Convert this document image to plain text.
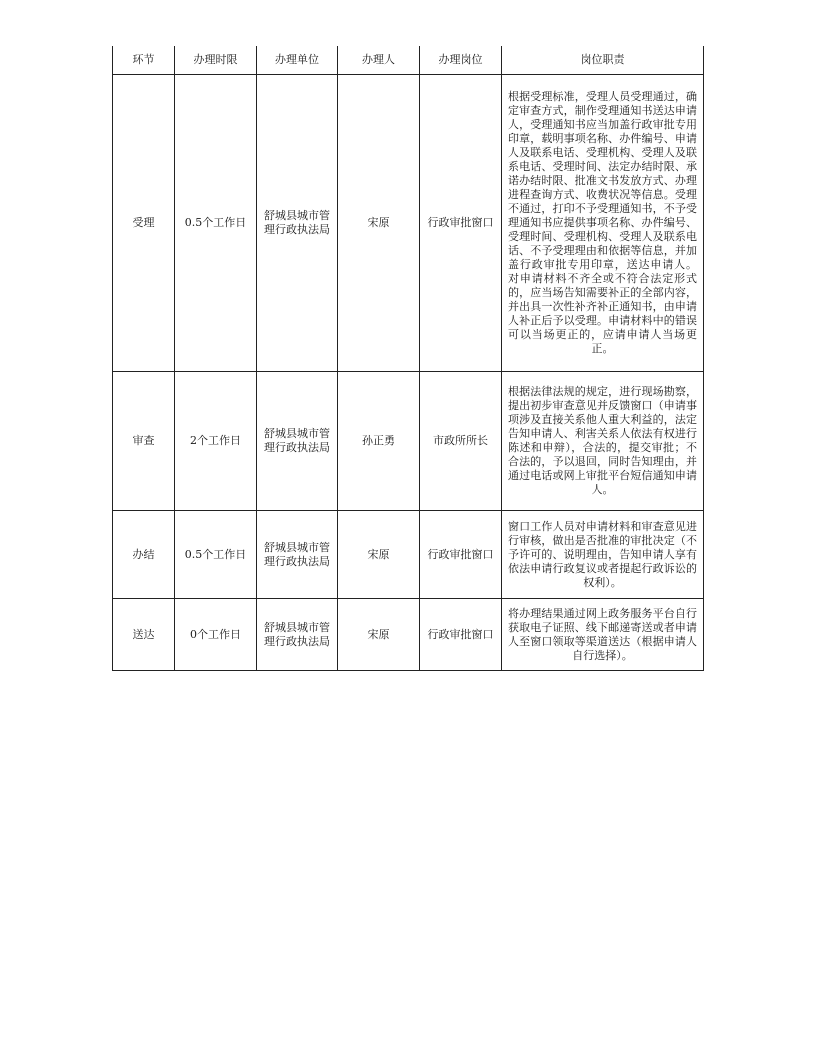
环节	办理时限	办理单位	办理人	办理岗位	岗位职责
受理	0.5个工作日	舒城县城市管理行政执法局	宋原	行政审批窗口	根据受理标准，受理人员受理通过，确定审查方式，制作受理通知书送达申请人，受理通知书应当加盖行政审批专用印章，载明事项名称、办件编号、申请人及联系电话、受理机构、受理人及联系电话、受理时间、法定办结时限、承诺办结时限、批准文书发放方式、办理进程查询方式、收费状况等信息。受理不通过，打印不予受理通知书，不予受理通知书应提供事项名称、办件编号、受理时间、受理机构、受理人及联系电话、不予受理理由和依据等信息，并加盖行政审批专用印章，送达申请人。 对申请材料不齐全或不符合法定形式的，应当场告知需要补正的全部内容，并出具一次性补齐补正通知书，由申请人补正后予以受理。申请材料中的错误可以当场更正的，应请申请人当场更正。
审查	2个工作日	舒城县城市管理行政执法局	孙正勇	市政所所长	根据法律法规的规定，进行现场勘察，提出初步审查意见并反馈窗口（申请事项涉及直接关系他人重大利益的，法定告知申请人、利害关系人依法有权进行陈述和申辩），合法的，提交审批；不合法的，予以退回，同时告知理由，并通过电话或网上审批平台短信通知申请人。
办结	0.5个工作日	舒城县城市管理行政执法局	宋原	行政审批窗口	窗口工作人员对申请材料和审查意见进行审核，做出是否批准的审批决定（不予许可的、说明理由，告知申请人享有依法申请行政复议或者提起行政诉讼的权利）。
送达	0个工作日	舒城县城市管理行政执法局	宋原	行政审批窗口	将办理结果通过网上政务服务平台自行获取电子证照、线下邮递寄送或者申请人至窗口领取等渠道送达（根据申请人自行选择）。
